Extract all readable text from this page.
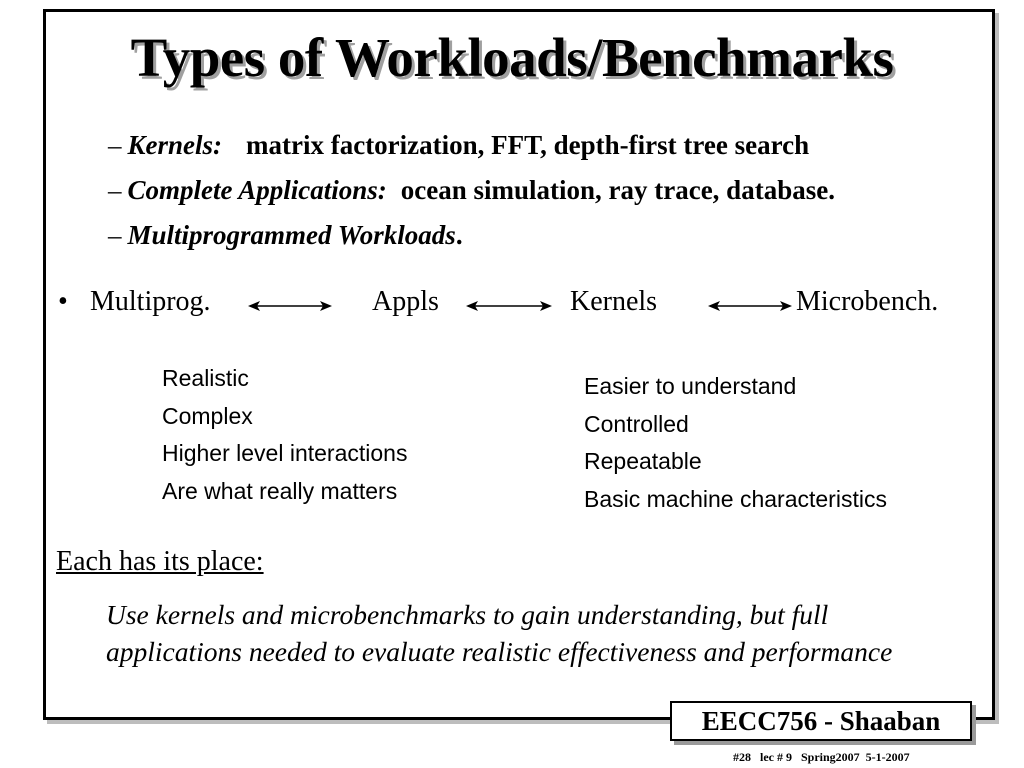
Types of Workloads/Benchmarks
– Kernels: matrix factorization, FFT, depth-first tree search
– Complete Applications: ocean simulation, ray trace, database.
– Multiprogrammed Workloads.
• Multiprog.	Appls	Kernels	Microbench.
Realistic
Complex
Higher level interactions
Are what really matters
Easier to understand
Controlled
Repeatable
Basic machine characteristics
Each has its place:
Use kernels and microbenchmarks to gain understanding, but full applications needed to evaluate realistic effectiveness and performance
EECC756 - Shaaban
#28   lec # 9   Spring2007  5-1-2007
